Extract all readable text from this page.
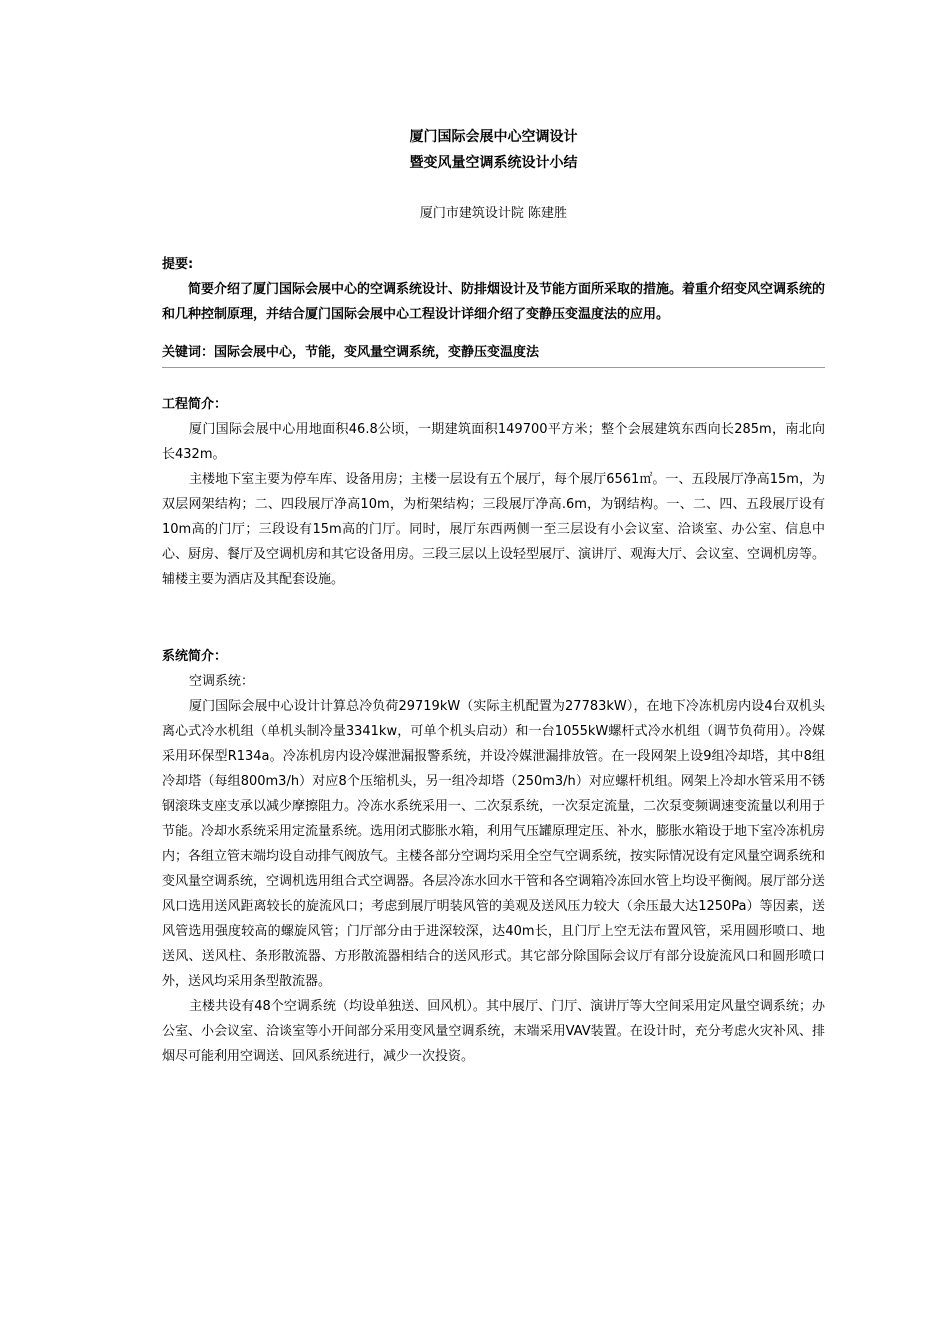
厦门国际会展中心空调设计

暨变风量空调系统设计小结

厦门市建筑设计院 陈建胜
提要:

简要介绍了厦门国际会展中心的空调系统设计、防排烟设计及节能方面所采取的措施。着重介绍变风空调系统的和几种控制原理，并结合厦门国际会展中心工程设计详细介绍了变静压变温度法的应用。

关键词：国际会展中心，节能，变风量空调系统，变静压变温度法
工程简介：

厦门国际会展中心用地面积46.8公顷，一期建筑面积149700平方米；整个会展建筑东西向长285m，南北向长432m。

主楼地下室主要为停车库、设备用房；主楼一层设有五个展厅，每个展厅6561㎡。一、五段展厅净高15m，为双层网架结构；二、四段展厅净高10m，为桁架结构；三段展厅净高.6m，为钢结构。一、二、四、五段展厅设有10m高的门厅；三段设有15m高的门厅。同时，展厅东西两侧一至三层设有小会议室、洽谈室、办公室、信息中心、厨房、餐厅及空调机房和其它设备用房。三段三层以上设轻型展厅、演讲厅、观海大厅、会议室、空调机房等。辅楼主要为酒店及其配套设施。

系统简介：

空调系统：

厦门国际会展中心设计计算总冷负荷29719kW（实际主机配置为27783kW），在地下冷冻机房内设4台双机头离心式冷水机组（单机头制冷量3341kw，可单个机头启动）和一台1055kW螺杆式冷水机组（调节负荷用）。冷媒采用环保型R134a。冷冻机房内设冷媒泄漏报警系统，并设冷媒泄漏排放管。在一段网架上设9组冷却塔，其中8组冷却塔（每组800m3/h）对应8个压缩机头，另一组冷却塔（250m3/h）对应螺杆机组。网架上冷却水管采用不锈钢滚珠支座支承以减少摩擦阻力。冷冻水系统采用一、二次泵系统，一次泵定流量，二次泵变频调速变流量以利用于节能。冷却水系统采用定流量系统。选用闭式膨胀水箱，利用气压罐原理定压、补水，膨胀水箱设于地下室冷冻机房内；各组立管末端均设自动排气阀放气。主楼各部分空调均采用全空气空调系统，按实际情况设有定风量空调系统和变风量空调系统，空调机选用组合式空调器。各层冷冻水回水干管和各空调箱冷冻回水管上均设平衡阀。展厅部分送风口选用送风距离较长的旋流风口；考虑到展厅明装风管的美观及送风压力较大（余压最大达1250Pa）等因素，送风管选用强度较高的螺旋风管；门厅部分由于进深较深，达40m长，且门厅上空无法布置风管，采用圆形喷口、地送风、送风柱、条形散流器、方形散流器相结合的送风形式。其它部分除国际会议厅有部分设旋流风口和圆形喷口外，送风均采用条型散流器。

主楼共设有48个空调系统（均设单独送、回风机）。其中展厅、门厅、演讲厅等大空间采用定风量空调系统；办公室、小会议室、洽谈室等小开间部分采用变风量空调系统，末端采用VAV装置。在设计时，充分考虑火灾补风、排烟尽可能利用空调送、回风系统进行，减少一次投资。
